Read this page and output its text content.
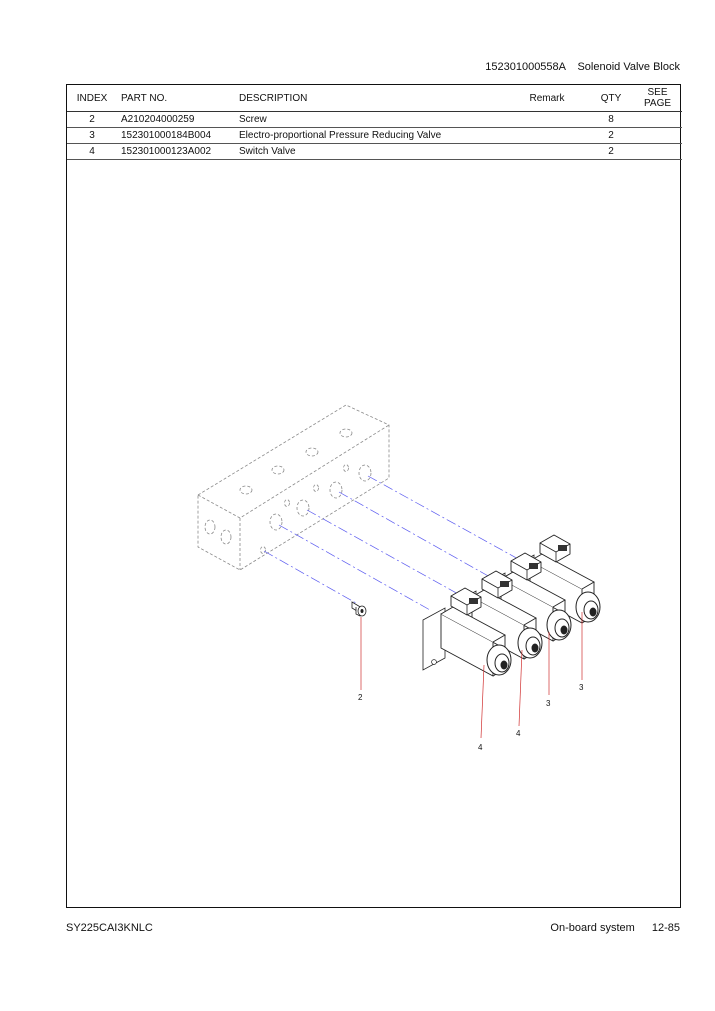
152301000558A Solenoid Valve Block
INDEX	PART NO.	DESCRIPTION	Remark	QTY	SEE
PAGE
2	A210204000259	Screw		8	
3	152301000184B004	Electro-proportional Pressure Reducing Valve		2	
4	152301000123A002	Switch Valve		2	
2
4
4
3
3
SY225CAI3KNLC	On-board system 12-85
